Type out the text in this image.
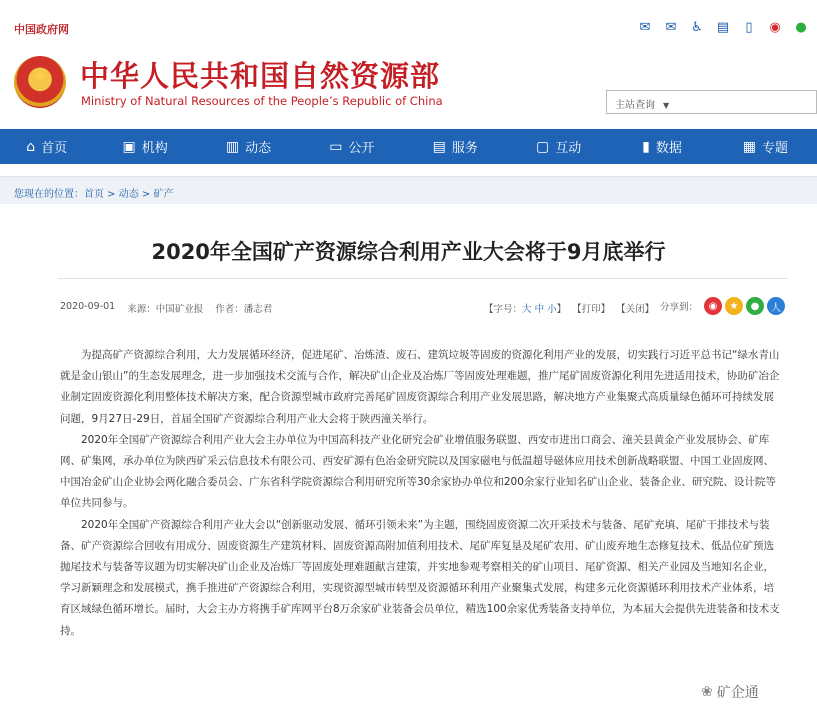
中国政府网	✉ ✉ ♿ ▤	▯	◉ ●
★	中华人民共和国自然资源部
Ministry of Natural Resources of the People’s Republic of China	主站查询 ▼
⌂ 首页	▣ 机构	▥ 动态	▭ 公开	▤ 服务	▢ 互动	▮ 数据	▦ 专题
您现在的位置：首页 > 动态 > 矿产
2020年全国矿产资源综合利用产业大会将于9月底举行
2020-09-01 来源：中国矿业报 作者：潘志君	【字号：大 中 小】 【打印】 【关闭】 分享到：	◉	★	●	人

为提高矿产资源综合利用，大力发展循环经济，促进尾矿、冶炼渣、废石、建筑垃圾等固废的资源化利用产业的发展，切实践行习近平总书记“绿水青山就是金山银山”的生态发展理念，进一步加强技术交流与合作，解决矿山企业及冶炼厂等固废处理难题，推广尾矿固废资源化利用先进适用技术，协助矿冶企业制定固废资源化利用整体技术解决方案，配合资源型城市政府完善尾矿固废资源综合利用产业发展思路，解决地方产业集聚式高质量绿色循环可持续发展问题，9月27日-29日，首届全国矿产资源综合利用产业大会将于陕西潼关举行。

2020年全国矿产资源综合利用产业大会主办单位为中国高科技产业化研究会矿业增值服务联盟、西安市进出口商会、潼关县黄金产业发展协会、矿库网、矿集网，承办单位为陕西矿采云信息技术有限公司、西安矿源有色冶金研究院以及国家磁电与低温超导磁体应用技术创新战略联盟、中国工业固废网、中国冶金矿山企业协会两化融合委员会、广东省科学院资源综合利用研究所等30余家协办单位和200余家行业知名矿山企业、装备企业、研究院、设计院等单位共同参与。

2020年全国矿产资源综合利用产业大会以“创新驱动发展、循环引领未来”为主题，围绕固废资源二次开采技术与装备、尾矿充填、尾矿干排技术与装备、矿产资源综合回收有用成分、固废资源生产建筑材料、固废资源高附加值利用技术、尾矿库复垦及尾矿农用、矿山废弃地生态修复技术、低品位矿预选抛尾技术与装备等议题为切实解决矿山企业及冶炼厂等固废处理难题献言建策，并实地参观考察相关的矿山项目、尾矿资源、相关产业园及当地知名企业，学习新颖理念和发展模式，携手推进矿产资源综合利用，实现资源型城市转型及资源循环利用产业聚集式发展，构建多元化资源循环利用技术产业体系，培育区域绿色循环增长。届时，大会主办方将携手矿库网平台8万余家矿业装备会员单位，精选100余家优秀装备支持单位，为本届大会提供先进装备和技术支持。

❀ 矿企通
